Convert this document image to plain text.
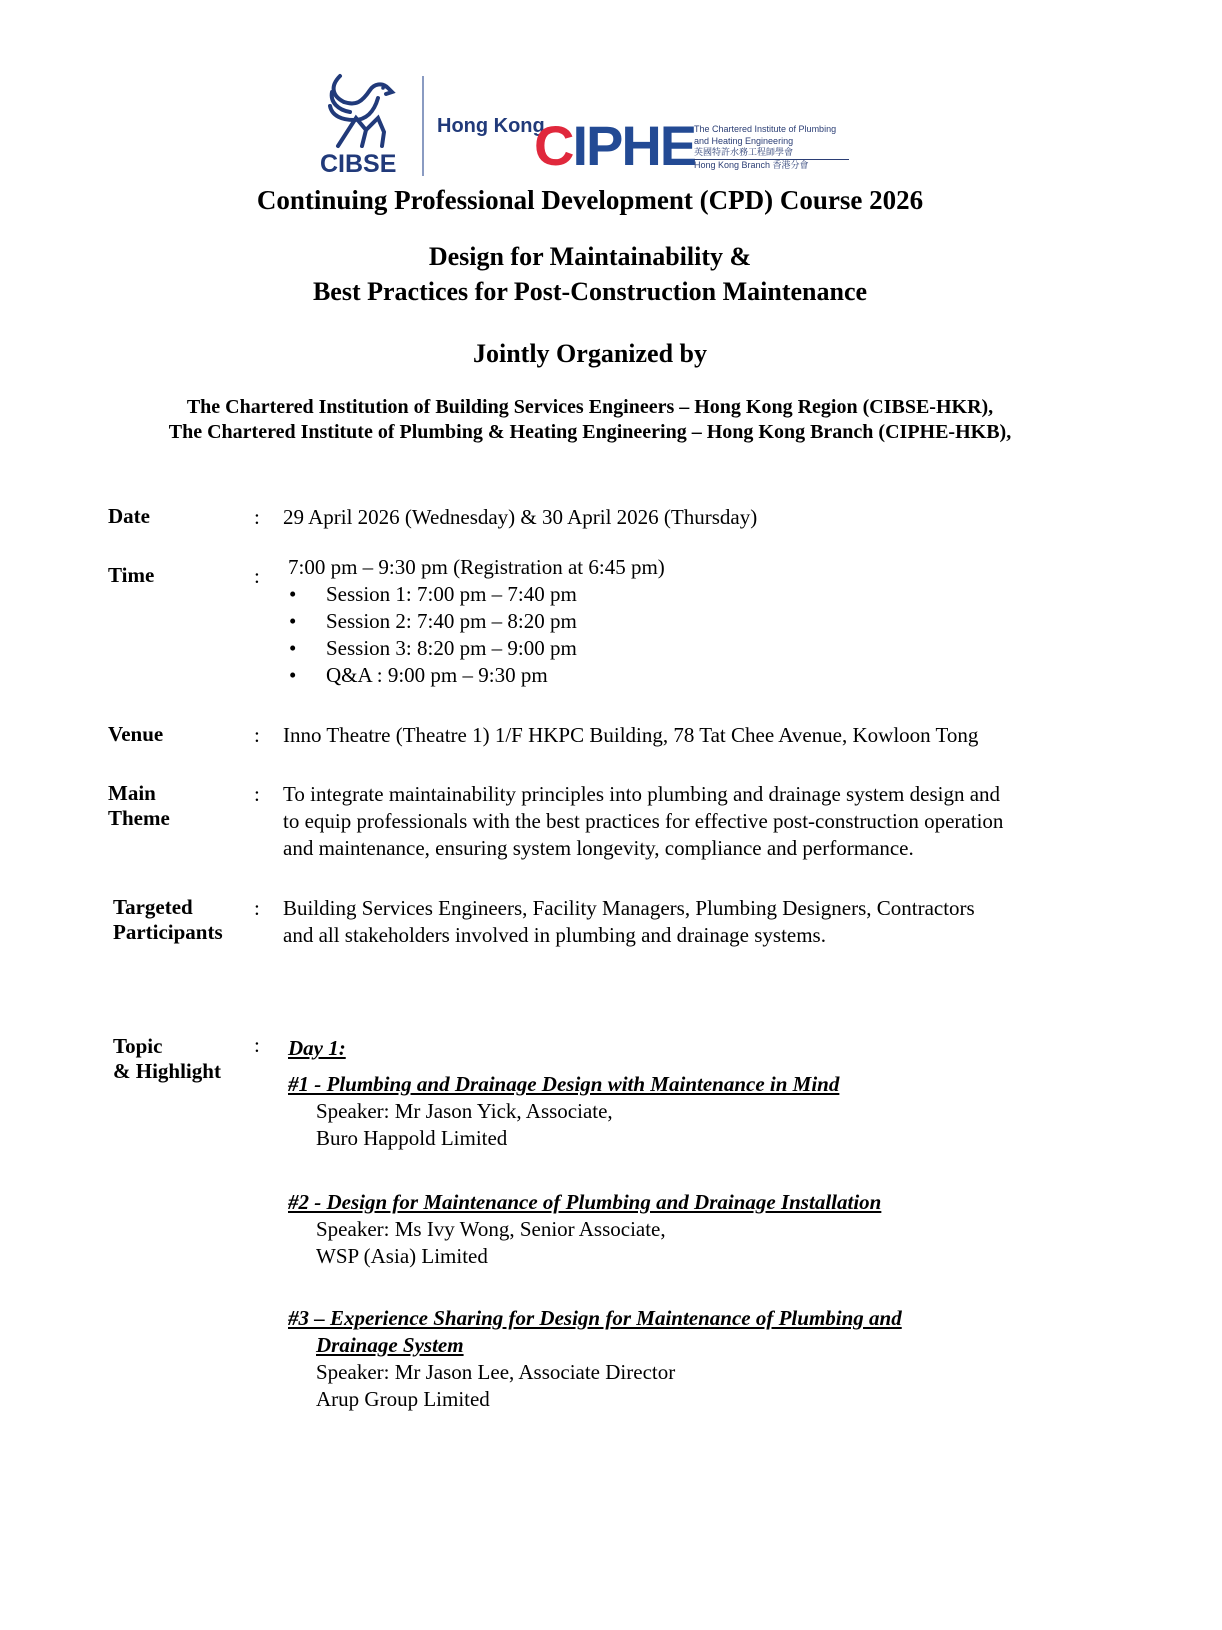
CIBSE
Hong Kong
CIPHE
The Chartered Institute of Plumbing
and Heating Engineering
英國特許水務工程師學會
Hong Kong Branch 香港分會
Continuing Professional Development (CPD) Course 2026
Design for Maintainability &
Best Practices for Post-Construction Maintenance
Jointly Organized by
The Chartered Institution of Building Services Engineers – Hong Kong Region (CIBSE-HKR),
The Chartered Institute of Plumbing & Heating Engineering – Hong Kong Branch (CIPHE-HKB),
Date	: 29 April 2026 (Wednesday) & 30 April 2026 (Thursday)
Time	: 7:00 pm – 9:30 pm (Registration at 6:45 pm)
• Session 1: 7:00 pm – 7:40 pm
• Session 2: 7:40 pm – 8:20 pm
• Session 3: 8:20 pm – 9:00 pm
• Q&A : 9:00 pm – 9:30 pm
Venue	: Inno Theatre (Theatre 1) 1/F HKPC Building, 78 Tat Chee Avenue, Kowloon Tong
Main
Theme
: To integrate maintainability principles into plumbing and drainage system design and
to equip professionals with the best practices for effective post-construction operation
and maintenance, ensuring system longevity, compliance and performance.
Targeted
Participants
: Building Services Engineers, Facility Managers, Plumbing Designers, Contractors
and all stakeholders involved in plumbing and drainage systems.
Topic
& Highlight
: Day 1:
#1 - Plumbing and Drainage Design with Maintenance in Mind
Speaker: Mr Jason Yick, Associate,
Buro Happold Limited
#2 - Design for Maintenance of Plumbing and Drainage Installation
Speaker: Ms Ivy Wong, Senior Associate,
WSP (Asia) Limited
#3 – Experience Sharing for Design for Maintenance of Plumbing and
Drainage System
Speaker: Mr Jason Lee, Associate Director
Arup Group Limited
